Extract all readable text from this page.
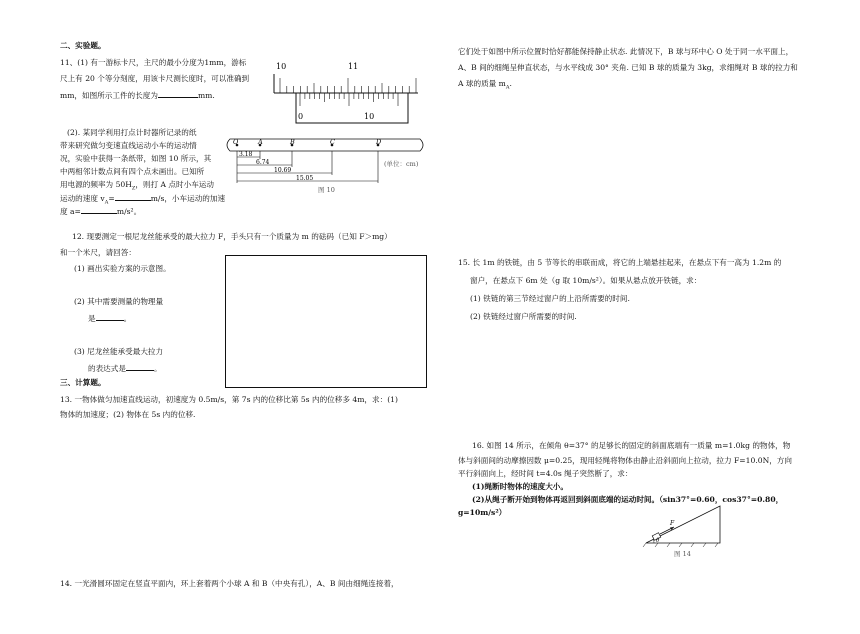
二、实验题。
11、(1) 有一游标卡尺，主尺的最小分度为1mm，游标
尺上有 20 个等分刻度，用该卡尺测长度时，可以准确到
mm，如图所示工件的长度为	mm.
10	11
0	10
(2). 某同学利用打点计时器所记录的纸
带来研究做匀变速直线运动小车的运动情
况，实验中获得一条纸带，如图 10 所示，其
中两相邻计数点间有四个点未画出。已知所
用电源的频率为 $50H_Z$，则打 A 点时小车运动
运动的速度 $v_A=$	m/s，小车运动的加速
度 a=	m/s²。
O	A	B	C	D
3.18
6.74
10.69
15.05
(单位：cm)
图 10
12. 现要测定一根尼龙丝能承受的最大拉力 F，手头只有一个质量为 m 的砝码（已知 F＞mg）
和一个米尺，请回答：
(1) 画出实验方案的示意图。
(2) 其中需要测量的物理量
是	。
(3) 尼龙丝能承受最大拉力
的表达式是	。
三、计算题。
13. 一物体做匀加速直线运动，初速度为 0.5m/s，第 7s 内的位移比第 5s 内的位移多 4m，求：(1)
物体的加速度；(2) 物体在 5s 内的位移.
14. 一光滑圆环固定在竖直平面内，环上套着两个小球 A 和 B（中央有孔），A、B 间由细绳连接着，
它们处于如图中所示位置时恰好都能保持静止状态. 此情况下，B 球与环中心 O 处于同一水平面上，
A、B 间的细绳呈伸直状态，与水平线成 30° 夹角. 已知 B 球的质量为 3kg，求细绳对 B 球的拉力和
A 球的质量 $m_A$.
15. 长 1m 的铁链，由 5 节等长的串联而成，将它的上端悬挂起来，在悬点下有一高为 1.2m 的
窗户，在悬点下 6m 处（g 取 10m/s²）。如果从悬点放开铁链，求：
(1) 铁链的第三节经过窗户的上沿所需要的时间.
(2) 铁链经过窗户所需要的时间.
16. 如图 14 所示，在倾角 θ=37° 的足够长的固定的斜面底端有一质量 m=1.0kg 的物体，物
体与斜面间的动摩擦因数 μ=0.25，现用轻绳将物体由静止沿斜面向上拉动，拉力 F=10.0N，方向
平行斜面向上，经时间 t=4.0s 绳子突然断了，求：
(1)绳断时物体的速度大小。
(2)从绳子断开始到物体再返回到斜面底端的运动时间。（sin37°=0.60，cos37°=0.80，
g=10m/s²）
F
θ
图 14
